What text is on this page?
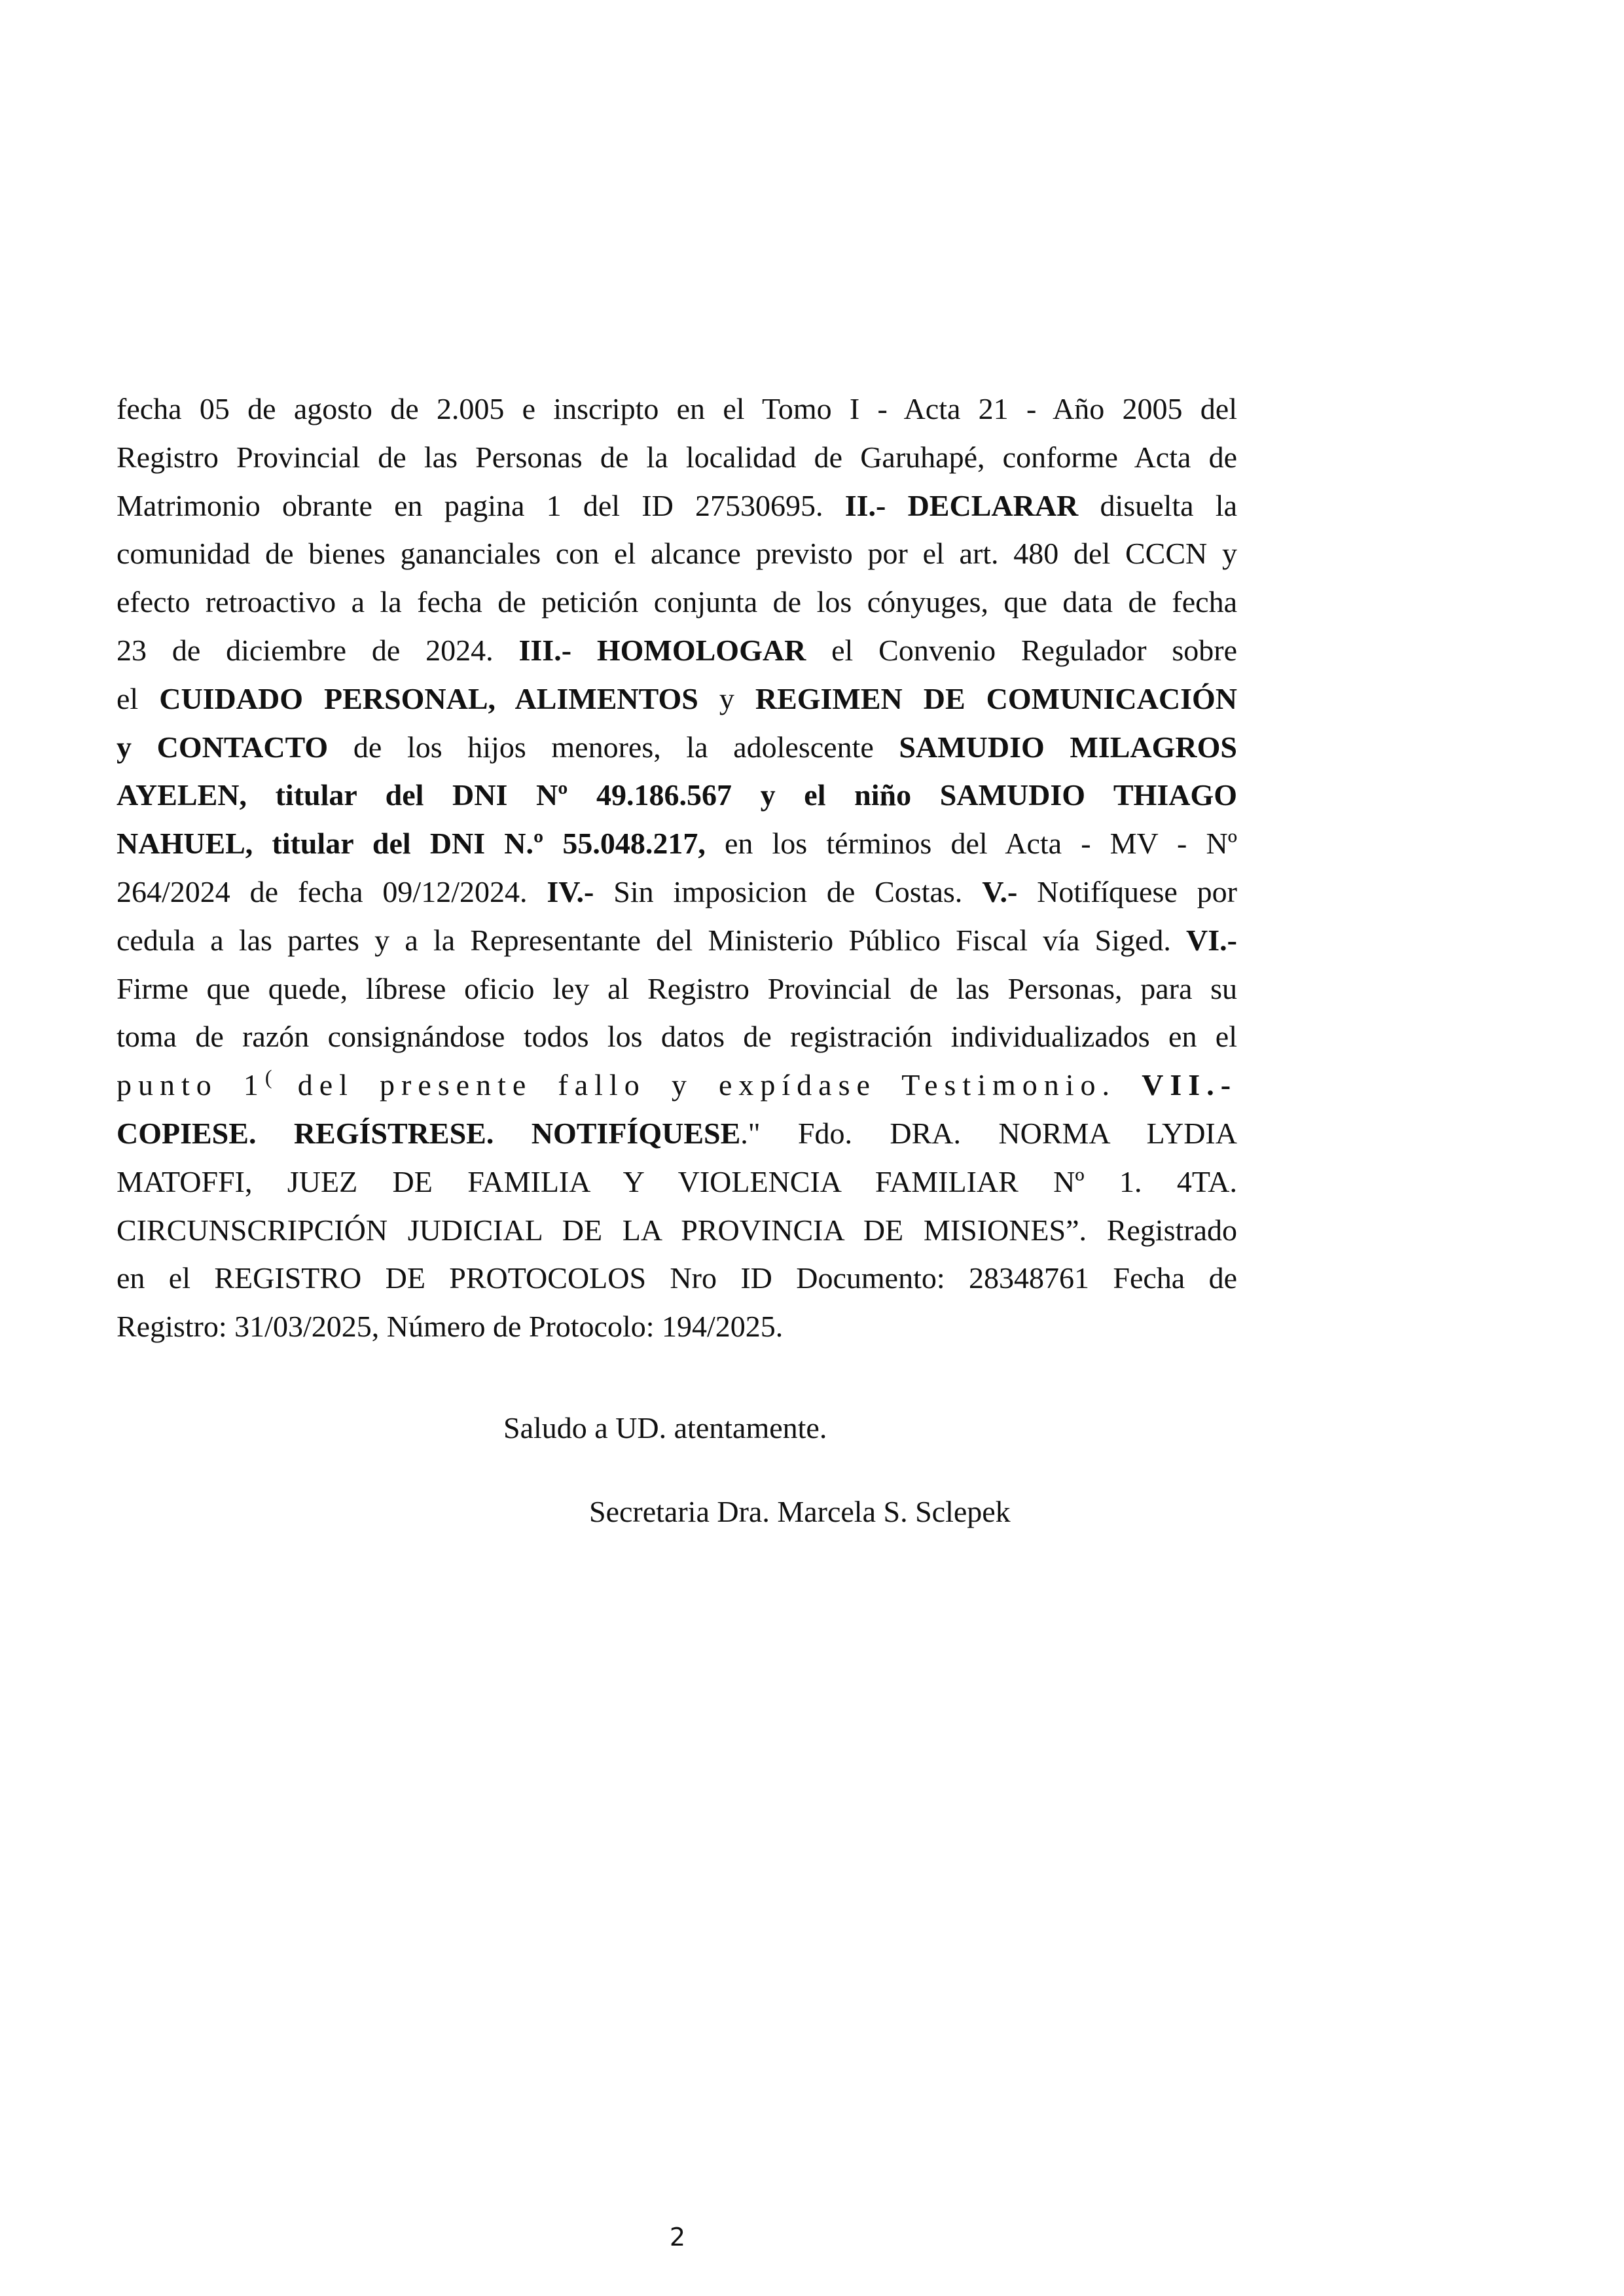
fecha 05 de agosto de 2.005 e inscripto en el Tomo I - Acta 21 - Año 2005 del
Registro Provincial de las Personas de la localidad de Garuhapé, conforme Acta de
Matrimonio obrante en pagina 1 del ID 27530695. II.- DECLARAR disuelta la
comunidad de bienes gananciales con el alcance previsto por el art. 480 del CCCN y
efecto retroactivo a la fecha de petición conjunta de los cónyuges, que data de fecha
23 de diciembre de 2024. III.- HOMOLOGAR el Convenio Regulador sobre
el CUIDADO PERSONAL, ALIMENTOS y REGIMEN DE COMUNICACIÓN
y CONTACTO de los hijos menores, la adolescente SAMUDIO MILAGROS
AYELEN, titular del DNI Nº 49.186.567 y el niño SAMUDIO THIAGO
NAHUEL, titular del DNI N.º 55.048.217, en los términos del Acta - MV - Nº
264/2024 de fecha 09/12/2024. IV.- Sin imposicion de Costas. V.- Notifíquese por
cedula a las partes y a la Representante del Ministerio Público Fiscal vía Siged. VI.-
Firme que quede, líbrese oficio ley al Registro Provincial de las Personas, para su
toma de razón consignándose todos los datos de registración individualizados en el
punto 1( del presente fallo y expídase Testimonio. VII.-
COPIESE. REGÍSTRESE. NOTIFÍQUESE." Fdo. DRA. NORMA LYDIA
MATOFFI, JUEZ DE FAMILIA Y VIOLENCIA FAMILIAR Nº 1. 4TA.
CIRCUNSCRIPCIÓN JUDICIAL DE LA PROVINCIA DE MISIONES”. Registrado
en el REGISTRO DE PROTOCOLOS Nro ID Documento: 28348761 Fecha de
Registro: 31/03/2025, Número de Protocolo: 194/2025.
Saludo a UD. atentamente.
Secretaria Dra. Marcela S. Sclepek
2
